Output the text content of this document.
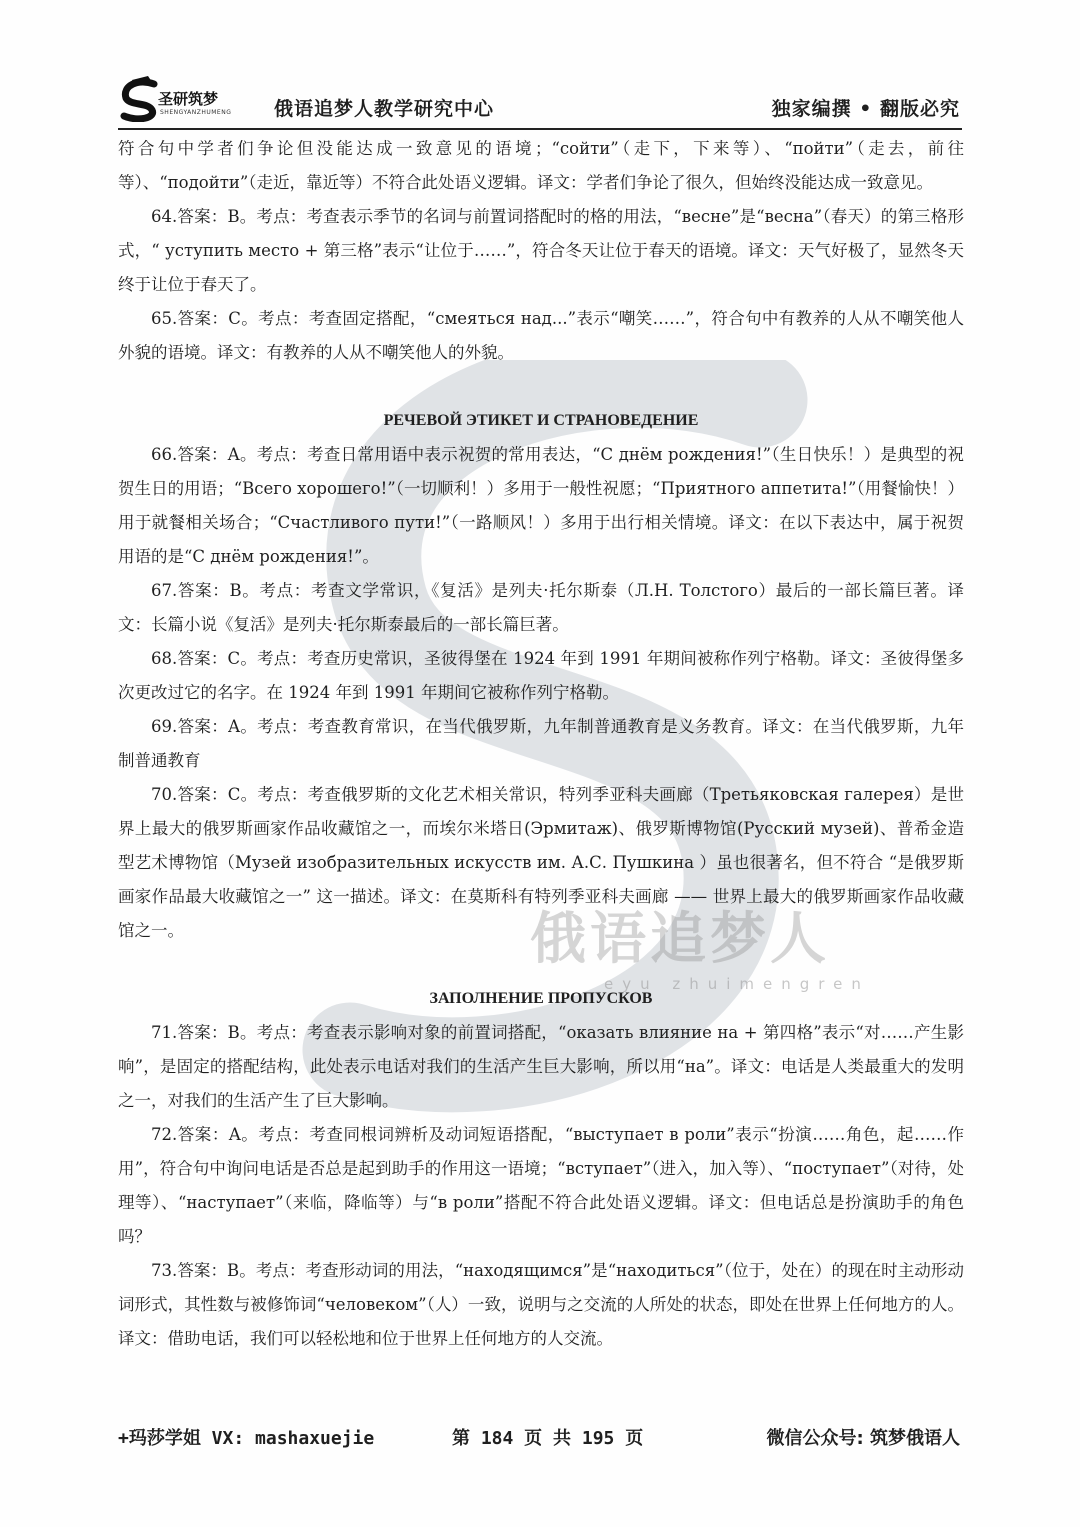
圣研筑梦
SHENGYANZHUMENG 俄语追梦人教学研究中心	独家编撰 • 翻版必究
俄语追梦人
eyu zhuimengren

符合句中学者们争论但没能达成一致意见的语境；“сойти”（走下，下来等）、“пойти”（走去，前往等）、“подойти”（走近，靠近等）不符合此处语义逻辑。译文：学者们争论了很久，但始终没能达成一致意见。

64.答案：B。考点：考查表示季节的名词与前置词搭配时的格的用法，“весне”是“весна”（春天）的第三格形式，“ уступить место + 第三格”表示“让位于……”，符合冬天让位于春天的语境。译文：天气好极了，显然冬天终于让位于春天了。

65.答案：C。考点：考查固定搭配，“смеяться над...”表示“嘲笑……”，符合句中有教养的人从不嘲笑他人外貌的语境。译文：有教养的人从不嘲笑他人的外貌。

РЕЧЕВОЙ ЭТИКЕТ И СТРАНОВЕДЕНИЕ

66.答案：A。考点：考查日常用语中表示祝贺的常用表达，“С днём рождения!”（生日快乐！）是典型的祝贺生日的用语；“Всего хорошего!”（一切顺利！）多用于一般性祝愿；“Приятного аппетита!”（用餐愉快！）用于就餐相关场合；“Счастливого пути!”（一路顺风！）多用于出行相关情境。译文：在以下表达中，属于祝贺用语的是“С днём рождения!”。

67.答案：B。考点：考查文学常识，《复活》是列夫·托尔斯泰（Л.Н. Толстого）最后的一部长篇巨著。译文：长篇小说《复活》是列夫·托尔斯泰最后的一部长篇巨著。

68.答案：C。考点：考查历史常识，圣彼得堡在 1924 年到 1991 年期间被称作列宁格勒。译文：圣彼得堡多次更改过它的名字。在 1924 年到 1991 年期间它被称作列宁格勒。

69.答案：A。考点：考查教育常识，在当代俄罗斯，九年制普通教育是义务教育。译文：在当代俄罗斯，九年制普通教育

70.答案：C。考点：考查俄罗斯的文化艺术相关常识，特列季亚科夫画廊（Третьяковская галерея）是世界上最大的俄罗斯画家作品收藏馆之一，而埃尔米塔日(Эрмитаж)、俄罗斯博物馆(Русский музей)、普希金造型艺术博物馆（Музей изобразительных искусств им. А.С. Пушкина ）虽也很著名，但不符合 “是俄罗斯画家作品最大收藏馆之一” 这一描述。译文：在莫斯科有特列季亚科夫画廊 —— 世界上最大的俄罗斯画家作品收藏馆之一。

ЗАПОЛНЕНИЕ ПРОПУСКОВ

71.答案：B。考点：考查表示影响对象的前置词搭配，“оказать влияние на + 第四格”表示“对……产生影响”，是固定的搭配结构，此处表示电话对我们的生活产生巨大影响，所以用“на”。译文：电话是人类最重大的发明之一，对我们的生活产生了巨大影响。

72.答案：A。考点：考查同根词辨析及动词短语搭配，“выступает в роли”表示“扮演……角色，起……作用”，符合句中询问电话是否总是起到助手的作用这一语境；“вступает”（进入，加入等）、“поступает”（对待，处理等）、“наступает”（来临，降临等）与“в роли”搭配不符合此处语义逻辑。译文：但电话总是扮演助手的角色吗？

73.答案：B。考点：考查形动词的用法，“находящимся”是“находиться”（位于，处在）的现在时主动形动词形式，其性数与被修饰词“человеком”（人）一致，说明与之交流的人所处的状态，即处在世界上任何地方的人。译文：借助电话，我们可以轻松地和位于世界上任何地方的人交流。

+玛莎学姐 VX: mashaxuejie	第 184 页 共 195 页	微信公众号: 筑梦俄语人
